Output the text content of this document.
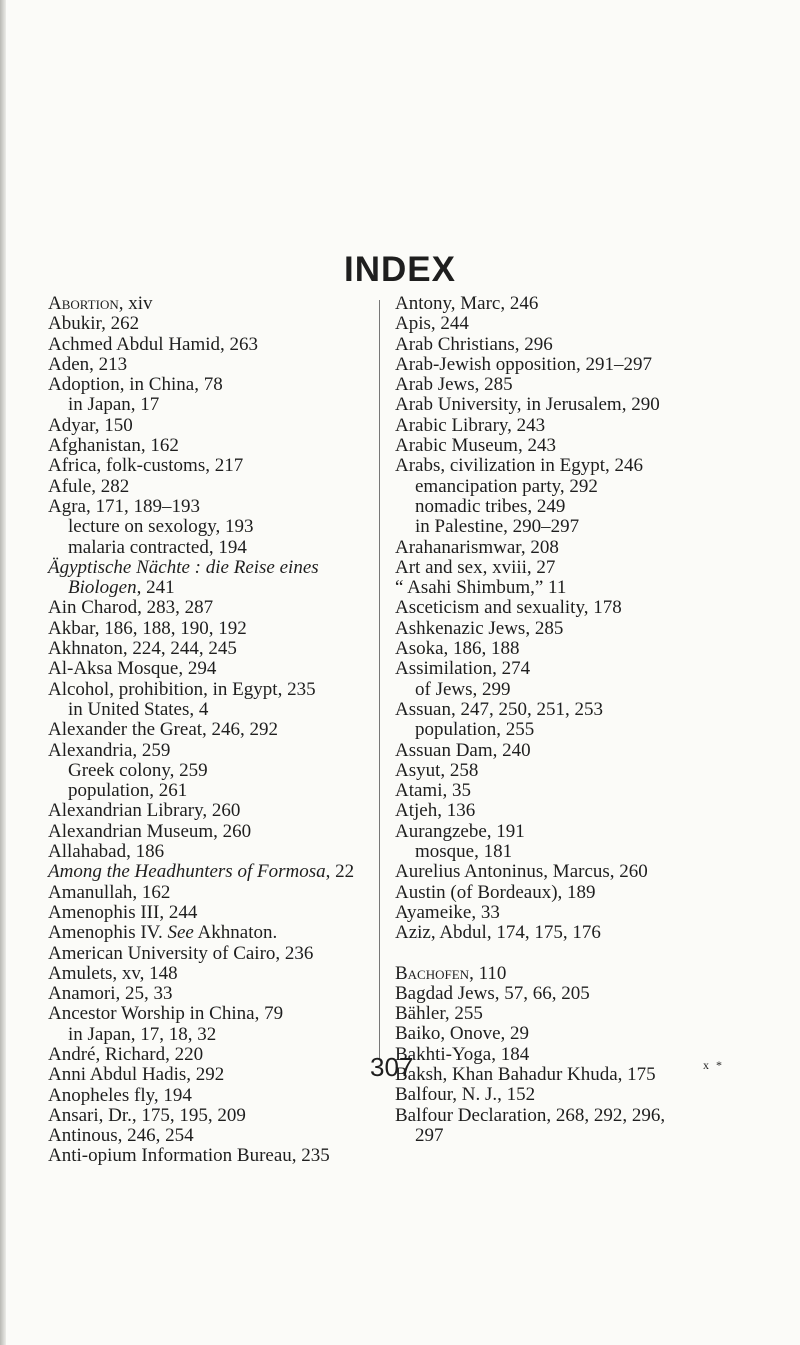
INDEX
Abortion, xiv
Abukir, 262
Achmed Abdul Hamid, 263
Aden, 213
Adoption, in China, 78
in Japan, 17
Adyar, 150
Afghanistan, 162
Africa, folk-customs, 217
Afule, 282
Agra, 171, 189–193
lecture on sexology, 193
malaria contracted, 194
Ägyptische Nächte : die Reise eines
Biologen, 241
Ain Charod, 283, 287
Akbar, 186, 188, 190, 192
Akhnaton, 224, 244, 245
Al-Aksa Mosque, 294
Alcohol, prohibition, in Egypt, 235
in United States, 4
Alexander the Great, 246, 292
Alexandria, 259
Greek colony, 259
population, 261
Alexandrian Library, 260
Alexandrian Museum, 260
Allahabad, 186
Among the Headhunters of Formosa, 22
Amanullah, 162
Amenophis III, 244
Amenophis IV. See Akhnaton.
American University of Cairo, 236
Amulets, xv, 148
Anamori, 25, 33
Ancestor Worship in China, 79
in Japan, 17, 18, 32
André, Richard, 220
Anni Abdul Hadis, 292
Anopheles fly, 194
Ansari, Dr., 175, 195, 209
Antinous, 246, 254
Anti-opium Information Bureau, 235
Antony, Marc, 246
Apis, 244
Arab Christians, 296
Arab-Jewish opposition, 291–297
Arab Jews, 285
Arab University, in Jerusalem, 290
Arabic Library, 243
Arabic Museum, 243
Arabs, civilization in Egypt, 246
emancipation party, 292
nomadic tribes, 249
in Palestine, 290–297
Arahanarismwar, 208
Art and sex, xviii, 27
“ Asahi Shimbum,” 11
Asceticism and sexuality, 178
Ashkenazic Jews, 285
Asoka, 186, 188
Assimilation, 274
of Jews, 299
Assuan, 247, 250, 251, 253
population, 255
Assuan Dam, 240
Asyut, 258
Atami, 35
Atjeh, 136
Aurangzebe, 191
mosque, 181
Aurelius Antoninus, Marcus, 260
Austin (of Bordeaux), 189
Ayameike, 33
Aziz, Abdul, 174, 175, 176
Bachofen, 110
Bagdad Jews, 57, 66, 205
Bähler, 255
Baiko, Onove, 29
Bakhti-Yoga, 184
Baksh, Khan Bahadur Khuda, 175
Balfour, N. J., 152
Balfour Declaration, 268, 292, 296,
297
307	x *
